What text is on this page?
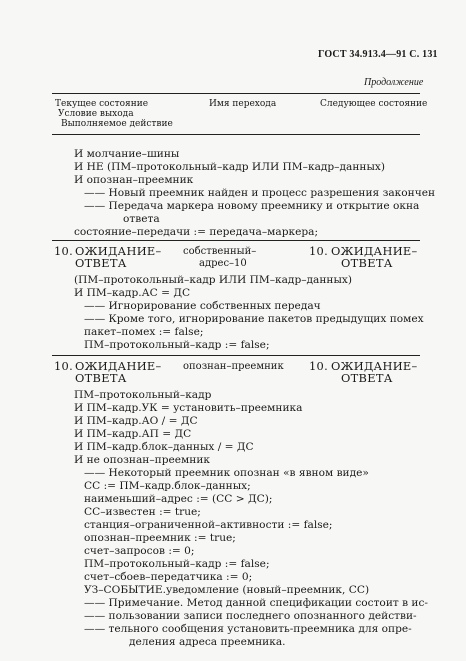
ГОСТ 34.913.4—91 С. 131
Продолжение
Текущее состояние
Условие выхода
Выполняемое действие
Имя перехода	Следующее состояние
И молчание–шины
И НЕ (ПМ–протокольный–кадр ИЛИ ПМ–кадр–данных)
И опознан–преемник
—— Новый преемник найден и процесс разрешения закончен
—— Передача маркера новому преемнику и открытие окна
ответа
состояние–передачи := передача–маркера;
10. ОЖИДАНИЕ–
ОТВЕТА
собственный–
адрес–10
10. ОЖИДАНИЕ–
ОТВЕТА
(ПМ–протокольный–кадр ИЛИ ПМ–кадр–данных)
И ПМ–кадр.АС = ДС
—— Игнорирование собственных передач
—— Кроме того, игнорирование пакетов предыдущих помех
пакет–помех := false;
ПМ–протокольный–кадр := false;
10. ОЖИДАНИЕ–
ОТВЕТА
опознан–преемник 10. ОЖИДАНИЕ–
ОТВЕТА
ПМ–протокольный–кадр
И ПМ–кадр.УК = установить–преемника
И ПМ–кадр.АО / = ДС
И ПМ–кадр.АП = ДС
И ПМ–кадр.блок–данных / = ДС
И не опознан–преемник
—— Некоторый преемник опознан «в явном виде»
СС := ПМ–кадр.блок–данных;
наименьший–адрес := (СС > ДС);
СС–известен := true;
станция–ограниченной–активности := false;
опознан–преемник := true;
счет–запросов := 0;
ПМ–протокольный–кадр := false;
счет–сбоев–передатчика := 0;
УЗ–СОБЫТИЕ.уведомление (новый–преемник, СС)
—— Примечание. Метод данной спецификации состоит в ис-
—— пользовании записи последнего опознанного действи-
—— тельного сообщения установить-преемника для опре-
деления адреса преемника.
